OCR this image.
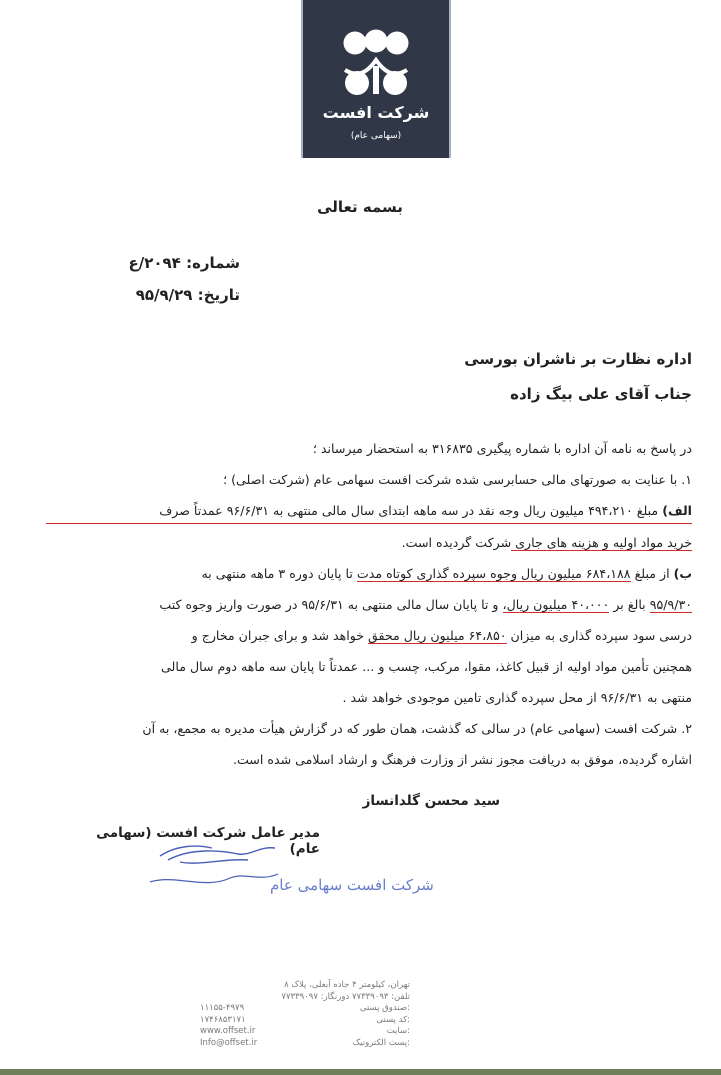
شرکت افست
(سهامی عام)
بسمه تعالی
شماره: ۲۰۹۴/ع
تاریخ: ۹۵/۹/۲۹
اداره نظارت بر ناشران بورسی
جناب آقای علی بیگ زاده
در پاسخ به نامه آن اداره با شماره پیگیری ۳۱۶۸۳۵ به استحضار میرساند ؛
۱. با عنایت به صورتهای مالی حسابرسی شده شرکت افست سهامی عام (شرکت اصلی) ؛
الف) مبلغ ۴۹۴،۲۱۰ میلیون ریال وجه نقد در سه ماهه ابتدای سال مالی منتهی به ۹۶/۶/۳۱ عمدتاً صرف
خرید مواد اولیه و هزینه های جاری شرکت گردیده است.
ب) از مبلغ ۶۸۴،۱۸۸ میلیون ریال وجوه سپرده گذاری کوتاه مدت تا پایان دوره ۳ ماهه منتهی به
۹۵/۹/۳۰ بالغ بر ۴۰،۰۰۰ میلیون ریال، و تا پایان سال مالی منتهی به ۹۵/۶/۳۱ در صورت واریز وجوه کتب
درسی سود سپرده گذاری به میزان ۶۴،۸۵۰ میلیون ریال محقق خواهد شد و برای جبران مخارج و
همچنین تأمین مواد اولیه از قبیل کاغذ، مقوا، مرکب، چسب و ... عمدتاً تا پایان سه ماهه دوم سال مالی
منتهی به ۹۶/۶/۳۱ از محل سپرده گذاری تامین موجودی خواهد شد .
۲. شرکت افست (سهامی عام) در سالی که گذشت، همان طور که در گزارش هیأت مدیره به مجمع، به آن
اشاره گردیده، موفق به دریافت مجوز نشر از وزارت فرهنگ و ارشاد اسلامی شده است.
سید محسن گلدانساز
مدیر عامل شرکت افست (سهامی عام)
شرکت افست سهامی عام
تهران، کیلومتر ۴ جاده آبعلی، پلاک ۸
تلفن: ۷۷۳۳۹۰۹۳ دورنگار: ۷۷۳۳۹۰۹۷
۱۱۱۵۵-۴۹۷۹	صندوق پستی:
۱۷۴۶۸۵۳۱۷۱	کد پستی:
www.offset.ir	سایت:
Info@offset.ir	پست الکترونیک:
